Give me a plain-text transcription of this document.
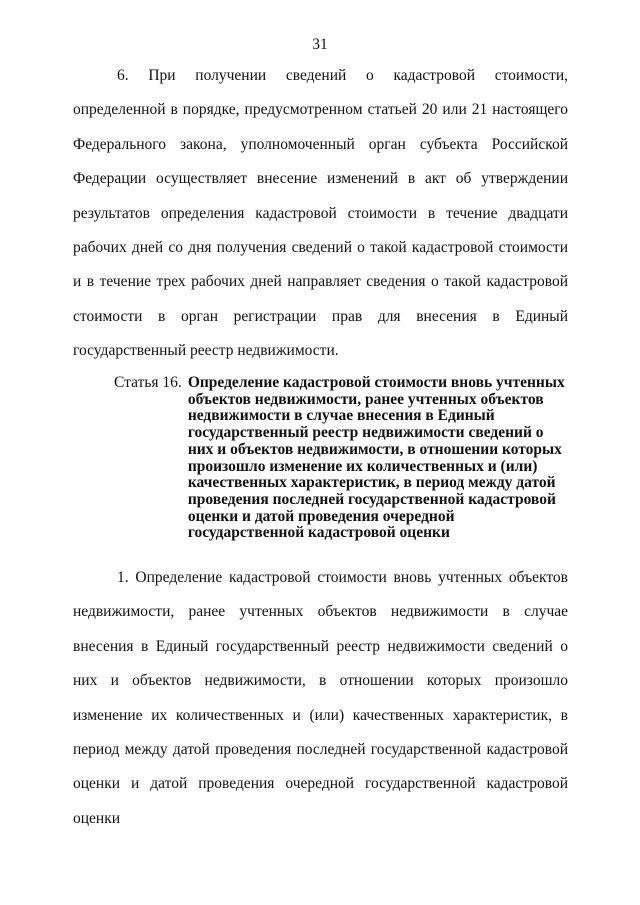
31

6. При получении сведений о кадастровой стоимости, определенной в порядке, предусмотренном статьей 20 или 21 настоящего Федерального закона, уполномоченный орган субъекта Российской Федерации осуществляет внесение изменений в акт об утверждении результатов определения кадастровой стоимости в течение двадцати рабочих дней со дня получения сведений о такой кадастровой стоимости и в течение трех рабочих дней направляет сведения о такой кадастровой стоимости в орган регистрации прав для внесения в Единый государственный реестр недвижимости.

Статья 16. Определение кадастровой стоимости вновь учтенных объектов недвижимости, ранее учтенных объектов недвижимости в случае внесения в Единый государственный реестр недвижимости сведений о них и объектов недвижимости, в отношении которых произошло изменение их количественных и (или) качественных характеристик, в период между датой проведения последней государственной кадастровой оценки и датой проведения очередной государственной кадастровой оценки

1. Определение кадастровой стоимости вновь учтенных объектов недвижимости, ранее учтенных объектов недвижимости в случае внесения в Единый государственный реестр недвижимости сведений о них и объектов недвижимости, в отношении которых произошло изменение их количественных и (или) качественных характеристик, в период между датой проведения последней государственной кадастровой оценки и датой проведения очередной государственной кадастровой оценки
